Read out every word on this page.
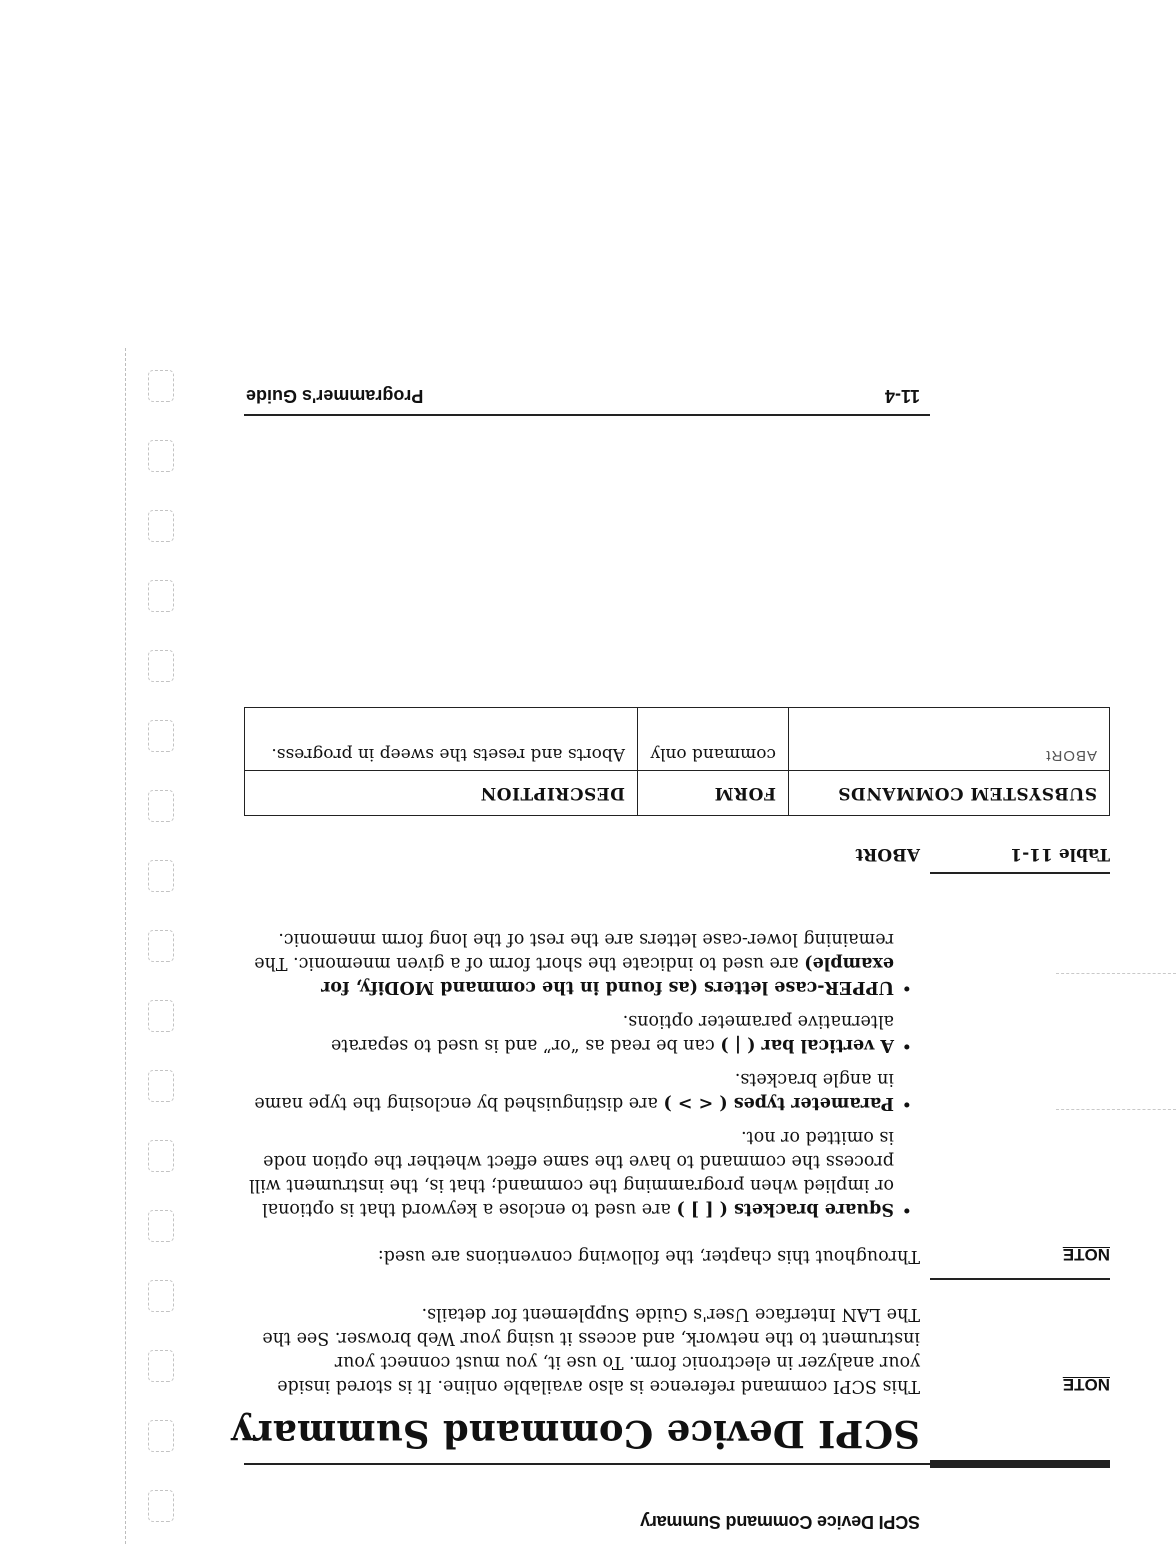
SCPI Device Command Summary
SCPI Device Command Summary
NOTE
This SCPI command reference is also available online. It is stored inside your analyzer in electronic form. To use it, you must connect your instrument to the network, and access it using your Web browser. See the The LAN Interface User's Guide Supplement for details.
NOTE
Throughout this chapter, the following conventions are used:
• Square brackets ( [ ] ) are used to enclose a keyword that is optional or implied when programming the command; that is, the instrument will process the command to have the same effect whether the option node is omitted or not.
• Parameter types ( < > ) are distinguished by enclosing the type name in angle brackets.
• A vertical bar ( | ) can be read as “or” and is used to separate alternative parameter options.
• UPPER-case letters (as found in the command MODify, for example) are used to indicate the short form of a given mnemonic. The remaining lower-case letters are the rest of the long form mnemonic.
Table 11-1
ABORt
SUBSYSTEM COMMANDS	FORM	DESCRIPTION
ABORt	command only	Aborts and resets the sweep in progress.
11-4
Programmer's Guide
